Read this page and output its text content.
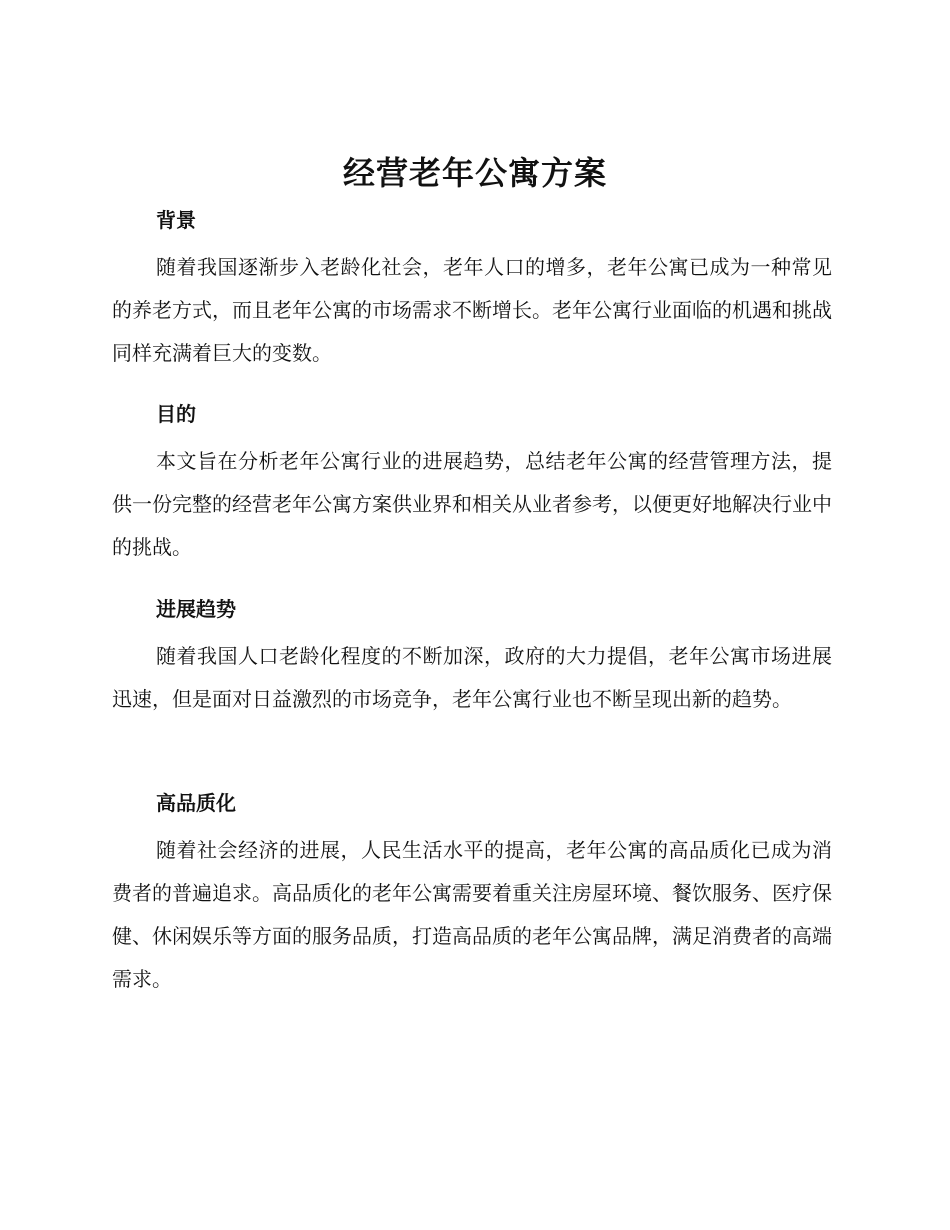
经营老年公寓方案
背景

随着我国逐渐步入老龄化社会，老年人口的增多，老年公寓已成为一种常见的养老方式，而且老年公寓的市场需求不断增长。老年公寓行业面临的机遇和挑战同样充满着巨大的变数。

目的

本文旨在分析老年公寓行业的进展趋势，总结老年公寓的经营管理方法，提供一份完整的经营老年公寓方案供业界和相关从业者参考，以便更好地解决行业中的挑战。

进展趋势

随着我国人口老龄化程度的不断加深，政府的大力提倡，老年公寓市场进展迅速，但是面对日益激烈的市场竞争，老年公寓行业也不断呈现出新的趋势。

高品质化

随着社会经济的进展，人民生活水平的提高，老年公寓的高品质化已成为消费者的普遍追求。高品质化的老年公寓需要着重关注房屋环境、餐饮服务、医疗保健、休闲娱乐等方面的服务品质，打造高品质的老年公寓品牌，满足消费者的高端需求。
